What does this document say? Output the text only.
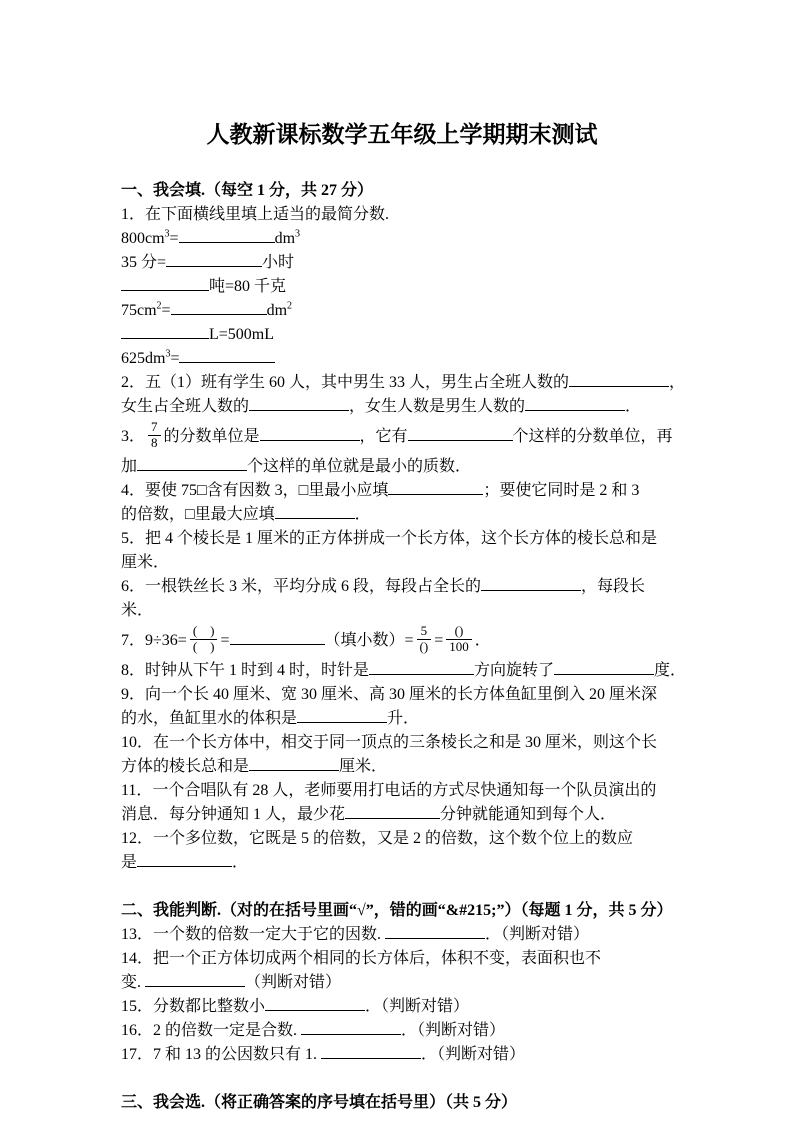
人教新课标数学五年级上学期期末测试
一、我会填.（每空 1 分，共 27 分）
1．在下面横线里填上适当的最简分数.
$800cm^3=$	$dm^3$
35 分=	小时
吨=80 千克
$75cm^2=$	$dm^2$
L=500mL
$625dm^3=$
2．五（1）班有学生 60 人，其中男生 33 人，男生占全班人数的	，
女生占全班人数的	，女生人数是男生人数的	．
3． $\frac{7}{8}$ 的分数单位是	，它有	个这样的分数单位，再
加	个这样的单位就是最小的质数．
4．要使 75□含有因数 3，□里最小应填	；要使它同时是 2 和 3
的倍数，□里最大应填	．
5．把 4 个棱长是 1 厘米的正方体拼成一个长方体，这个长方体的棱长总和是
厘米．
6．一根铁丝长 3 米，平均分成 6 段，每段占全长的	，每段长
米．
7．$9\div 36= \frac{( )}{( )}$ =	（填小数）= $\frac{5}{()} = \frac{()}{100}$ ．
8．时钟从下午 1 时到 4 时，时针是	方向旋转了	度．
9．向一个长 40 厘米、宽 30 厘米、高 30 厘米的长方体鱼缸里倒入 20 厘米深
的水，鱼缸里水的体积是	升．
10．在一个长方体中，相交于同一顶点的三条棱长之和是 30 厘米，则这个长
方体的棱长总和是	厘米．
11．一个合唱队有 28 人，老师要用打电话的方式尽快通知每一个队员演出的
消息．每分钟通知 1 人，最少花	分钟就能通知到每个人．
12．一个多位数，它既是 5 的倍数，又是 2 的倍数，这个数个位上的数应
是	．
二、我能判断.（对的在括号里画“√”，错的画“&#215;”）（每题 1 分，共 5 分）
13．一个数的倍数一定大于它的因数.	．（判断对错）
14．把一个正方体切成两个相同的长方体后，体积不变，表面积也不
变.	（判断对错）
15．分数都比整数小	．（判断对错）
16．2 的倍数一定是合数.	．（判断对错）
17．7 和 13 的公因数只有 1.	．（判断对错）
三、我会选.（将正确答案的序号填在括号里）（共 5 分）
